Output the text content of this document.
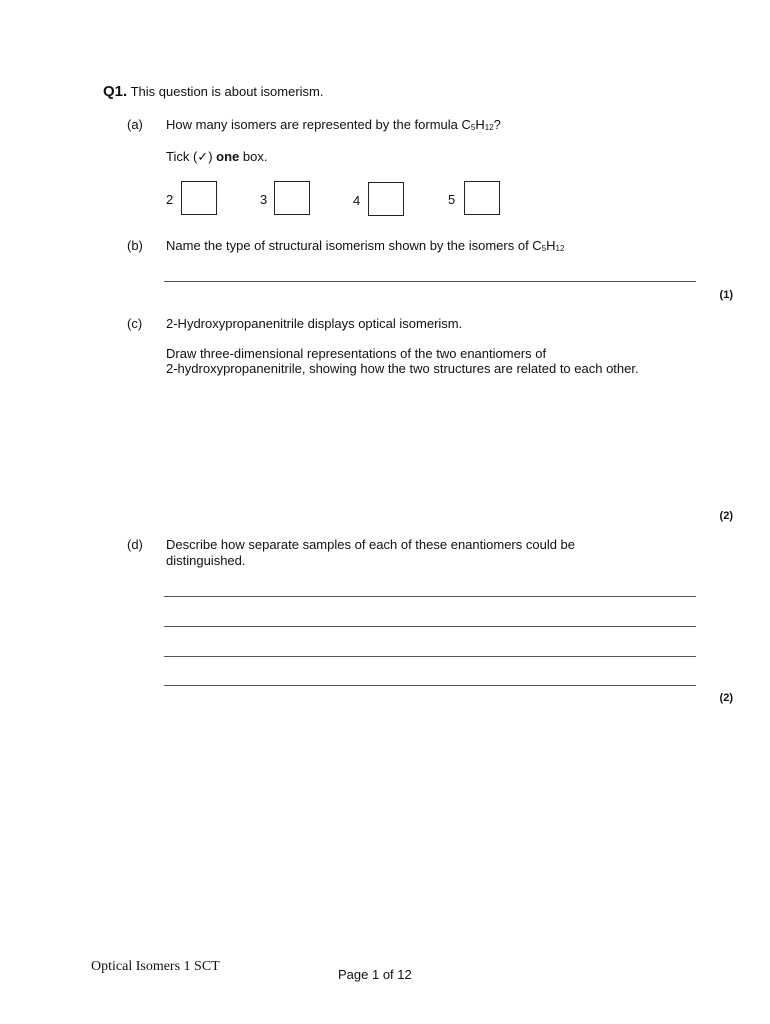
Q1. This question is about isomerism.
(a)	How many isomers are represented by the formula C5H12?
Tick (✓) one box.
2	3	4	5
(b)	Name the type of structural isomerism shown by the isomers of C5H12
(1)
(c)	2-Hydroxypropanenitrile displays optical isomerism.
Draw three-dimensional representations of the two enantiomers of
2-hydroxypropanenitrile, showing how the two structures are related to each other.
(2)
(d)	Describe how separate samples of each of these enantiomers could be
distinguished.
(2)
Optical Isomers 1 SCT
Page 1 of 12
